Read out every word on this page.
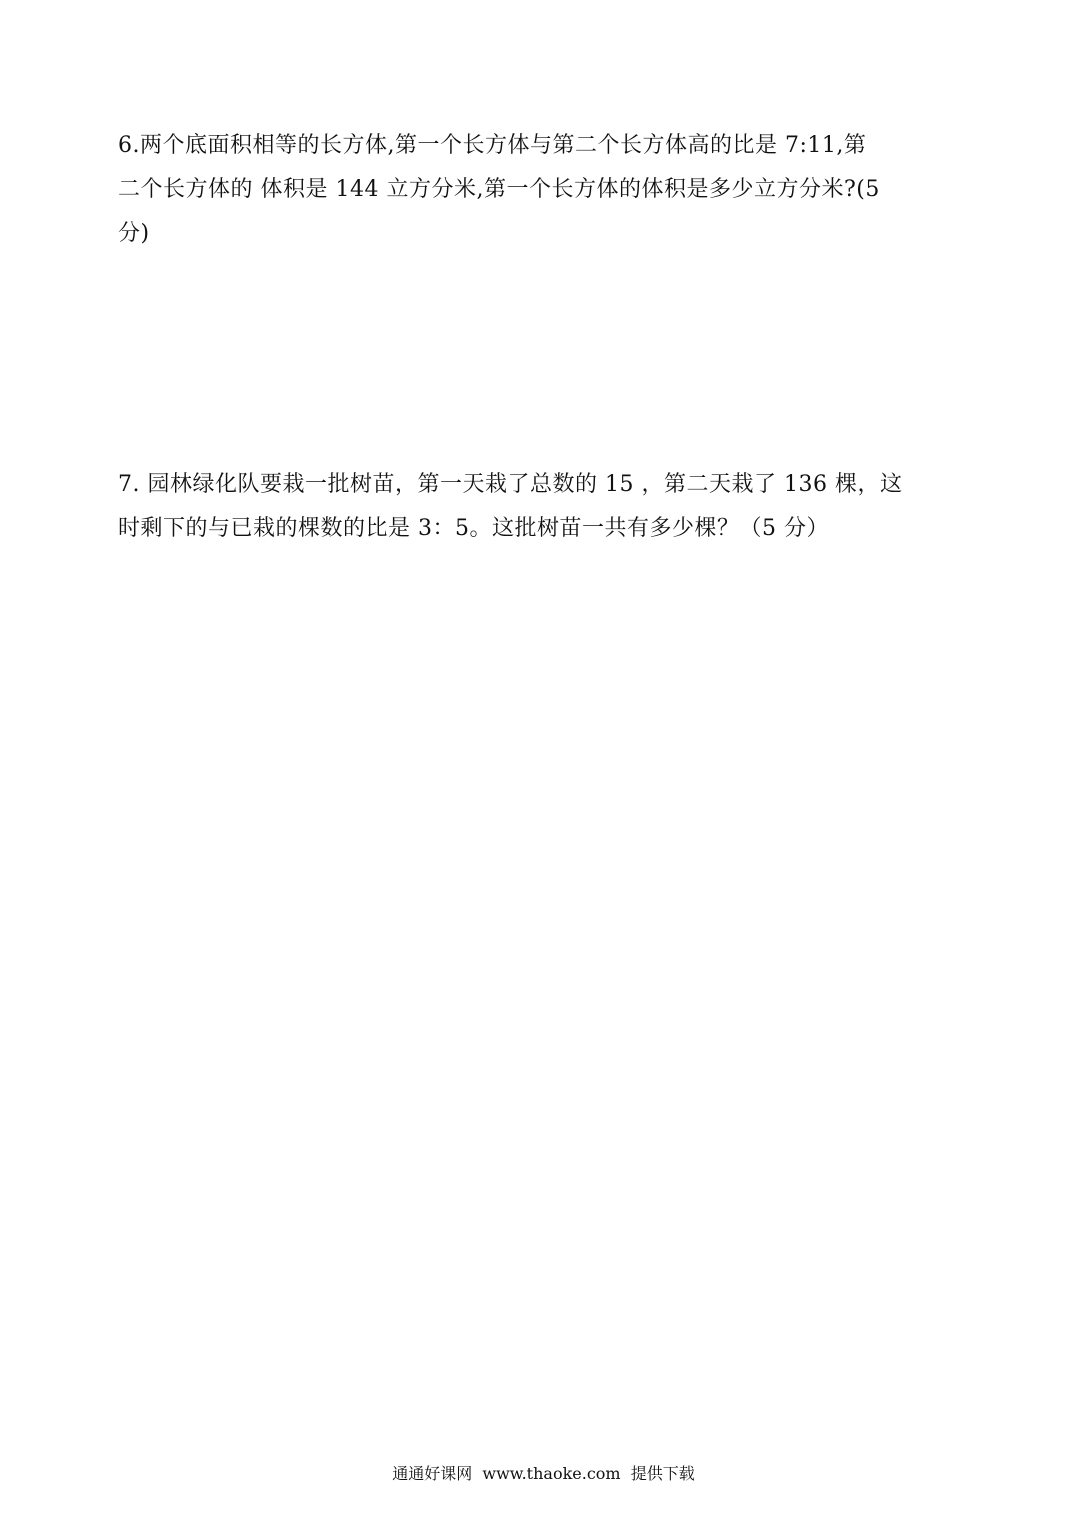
6.两个底面积相等的长方体,第一个长方体与第二个长方体高的比是 7:11,第
二个长方体的 体积是 144 立方分米,第一个长方体的体积是多少立方分米?(5
分)
7. 园林绿化队要栽一批树苗，第一天栽了总数的 15 ，第二天栽了 136 棵，这
时剩下的与已栽的棵数的比是 3：5。这批树苗一共有多少棵？（5 分）
通通好课网  www.thaoke.com  提供下载
